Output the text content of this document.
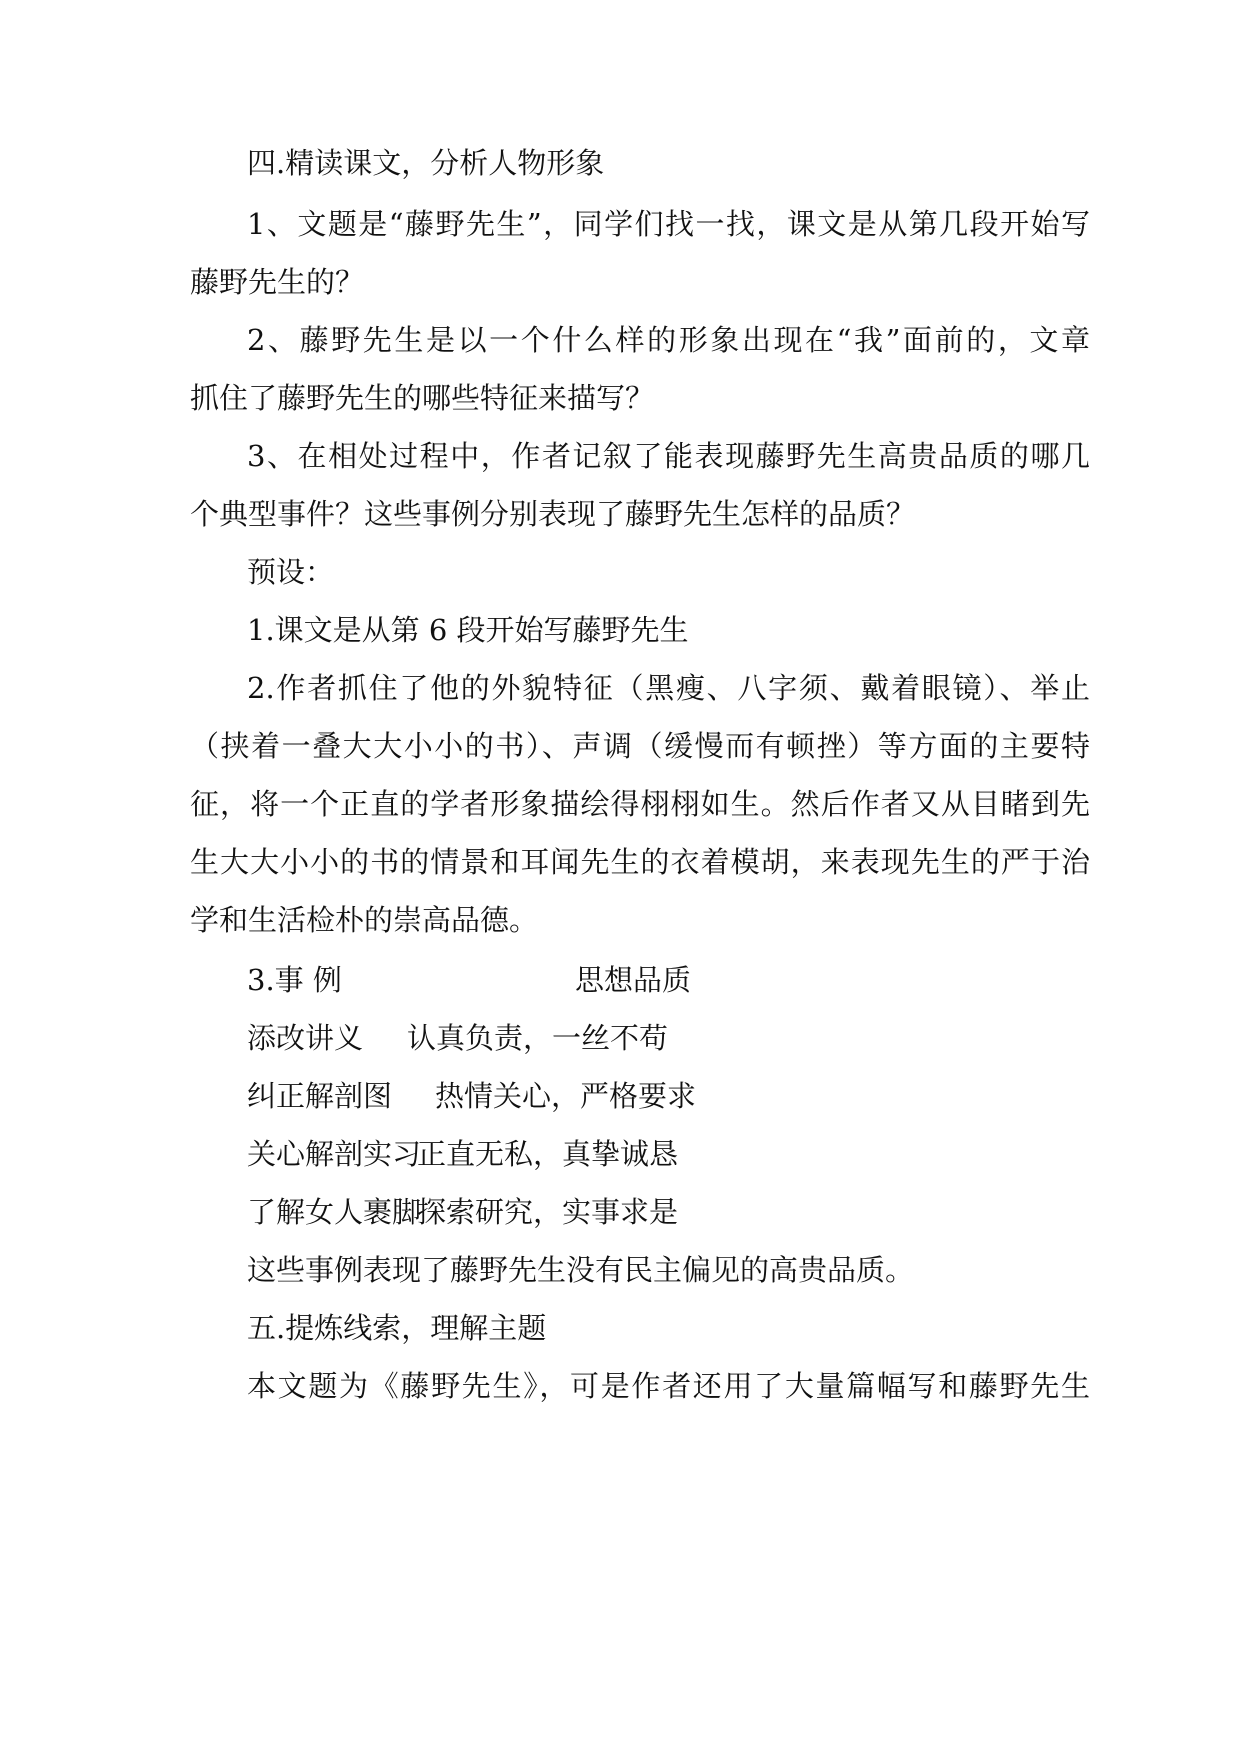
四.精读课文，分析人物形象
1、文题是“藤野先生”，同学们找一找，课文是从第几段开始写
藤野先生的？
2、藤野先生是以一个什么样的形象出现在“我”面前的，文章
抓住了藤野先生的哪些特征来描写？
3、在相处过程中，作者记叙了能表现藤野先生高贵品质的哪几
个典型事件？这些事例分别表现了藤野先生怎样的品质？
预设：
1.课文是从第 6 段开始写藤野先生
2.作者抓住了他的外貌特征（黑瘦、八字须、戴着眼镜）、举止
（挟着一叠大大小小的书）、声调（缓慢而有顿挫）等方面的主要特
征，将一个正直的学者形象描绘得栩栩如生。然后作者又从目睹到先
生大大小小的书的情景和耳闻先生的衣着模胡，来表现先生的严于治
学和生活检朴的崇高品德。
3.事 例	思想品质
添改讲义 认真负责，一丝不苟
纠正解剖图 热情关心，严格要求
关心解剖实习
正直无私，真挚诚恳
了解女人裹脚
探索研究，实事求是
这些事例表现了藤野先生没有民主偏见的高贵品质。
五.提炼线索，理解主题
本文题为《藤野先生》，可是作者还用了大量篇幅写和藤野先生
